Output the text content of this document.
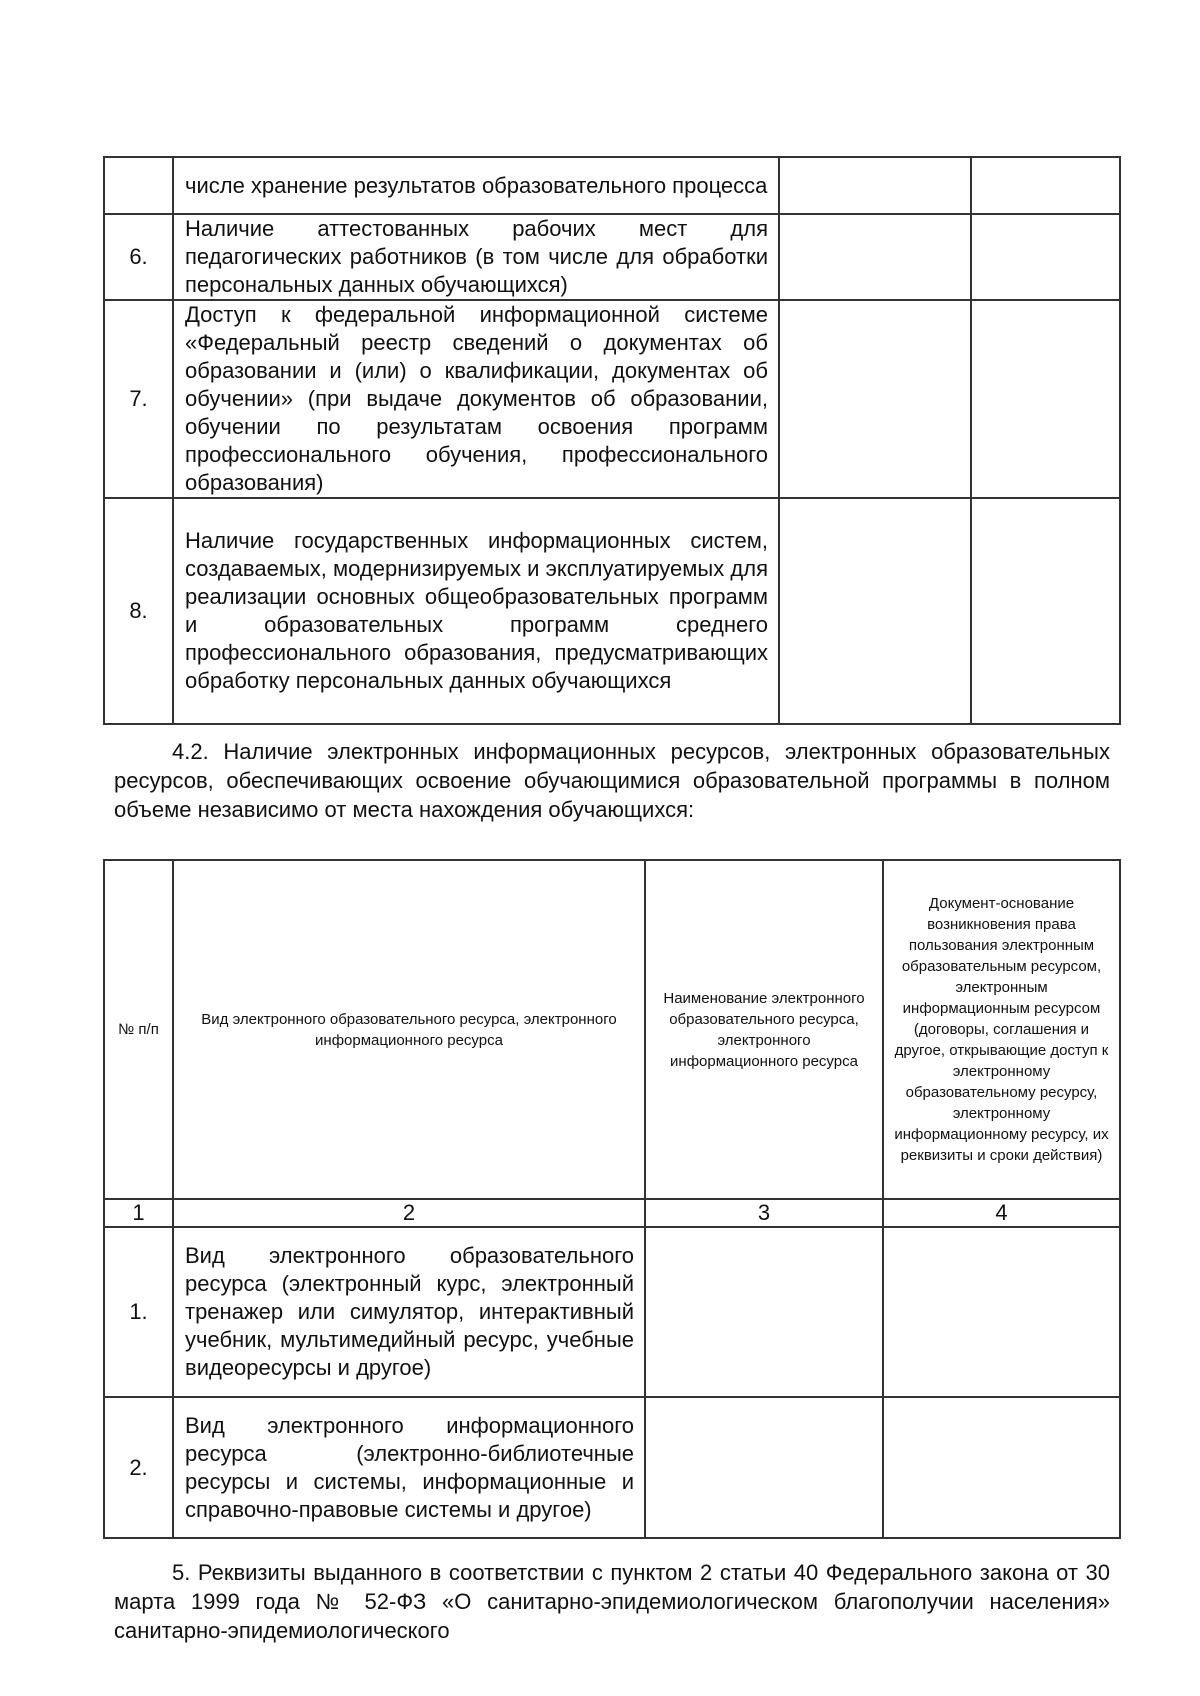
	числе хранение результатов образовательного процесса		
6.	Наличие аттестованных рабочих мест для педагогических работников (в том числе для обработки персональных данных обучающихся)		
7.	Доступ к федеральной информационной системе «Федеральный реестр сведений о документах об образовании и (или) о квалификации, документах об обучении» (при выдаче документов об образовании, обучении по результатам освоения программ профессионального обучения, профессионального образования)		
8.	Наличие государственных информационных систем, создаваемых, модернизируемых и эксплуатируемых для реализации основных общеобразовательных программ и образовательных программ среднего профессионального образования, предусматривающих обработку персональных данных обучающихся		

4.2. Наличие электронных информационных ресурсов, электронных образовательных ресурсов, обеспечивающих освоение обучающимися образовательной программы в полном объеме независимо от места нахождения обучающихся:

№ п/п	Вид электронного образовательного ресурса, электронного информационного ресурса	Наименование электронного образовательного ресурса, электронного информационного ресурса	Документ-основание возникновения права пользования электронным образовательным ресурсом, электронным информационным ресурсом (договоры, соглашения и другое, открывающие доступ к электронному образовательному ресурсу, электронному информационному ресурсу, их реквизиты и сроки действия)
1	2	3	4
1.	Вид электронного образовательного ресурса (электронный курс, электронный тренажер или симулятор, интерактивный учебник, мультимедийный ресурс, учебные видеоресурсы и другое)		
2.	Вид электронного информационного ресурса (электронно-библиотечные ресурсы и системы, информационные и справочно-правовые системы и другое)		

5. Реквизиты выданного в соответствии с пунктом 2 статьи 40 Федерального закона от 30 марта 1999 года № 52-ФЗ «О санитарно-эпидемиологическом благополучии населения» санитарно-эпидемиологического
